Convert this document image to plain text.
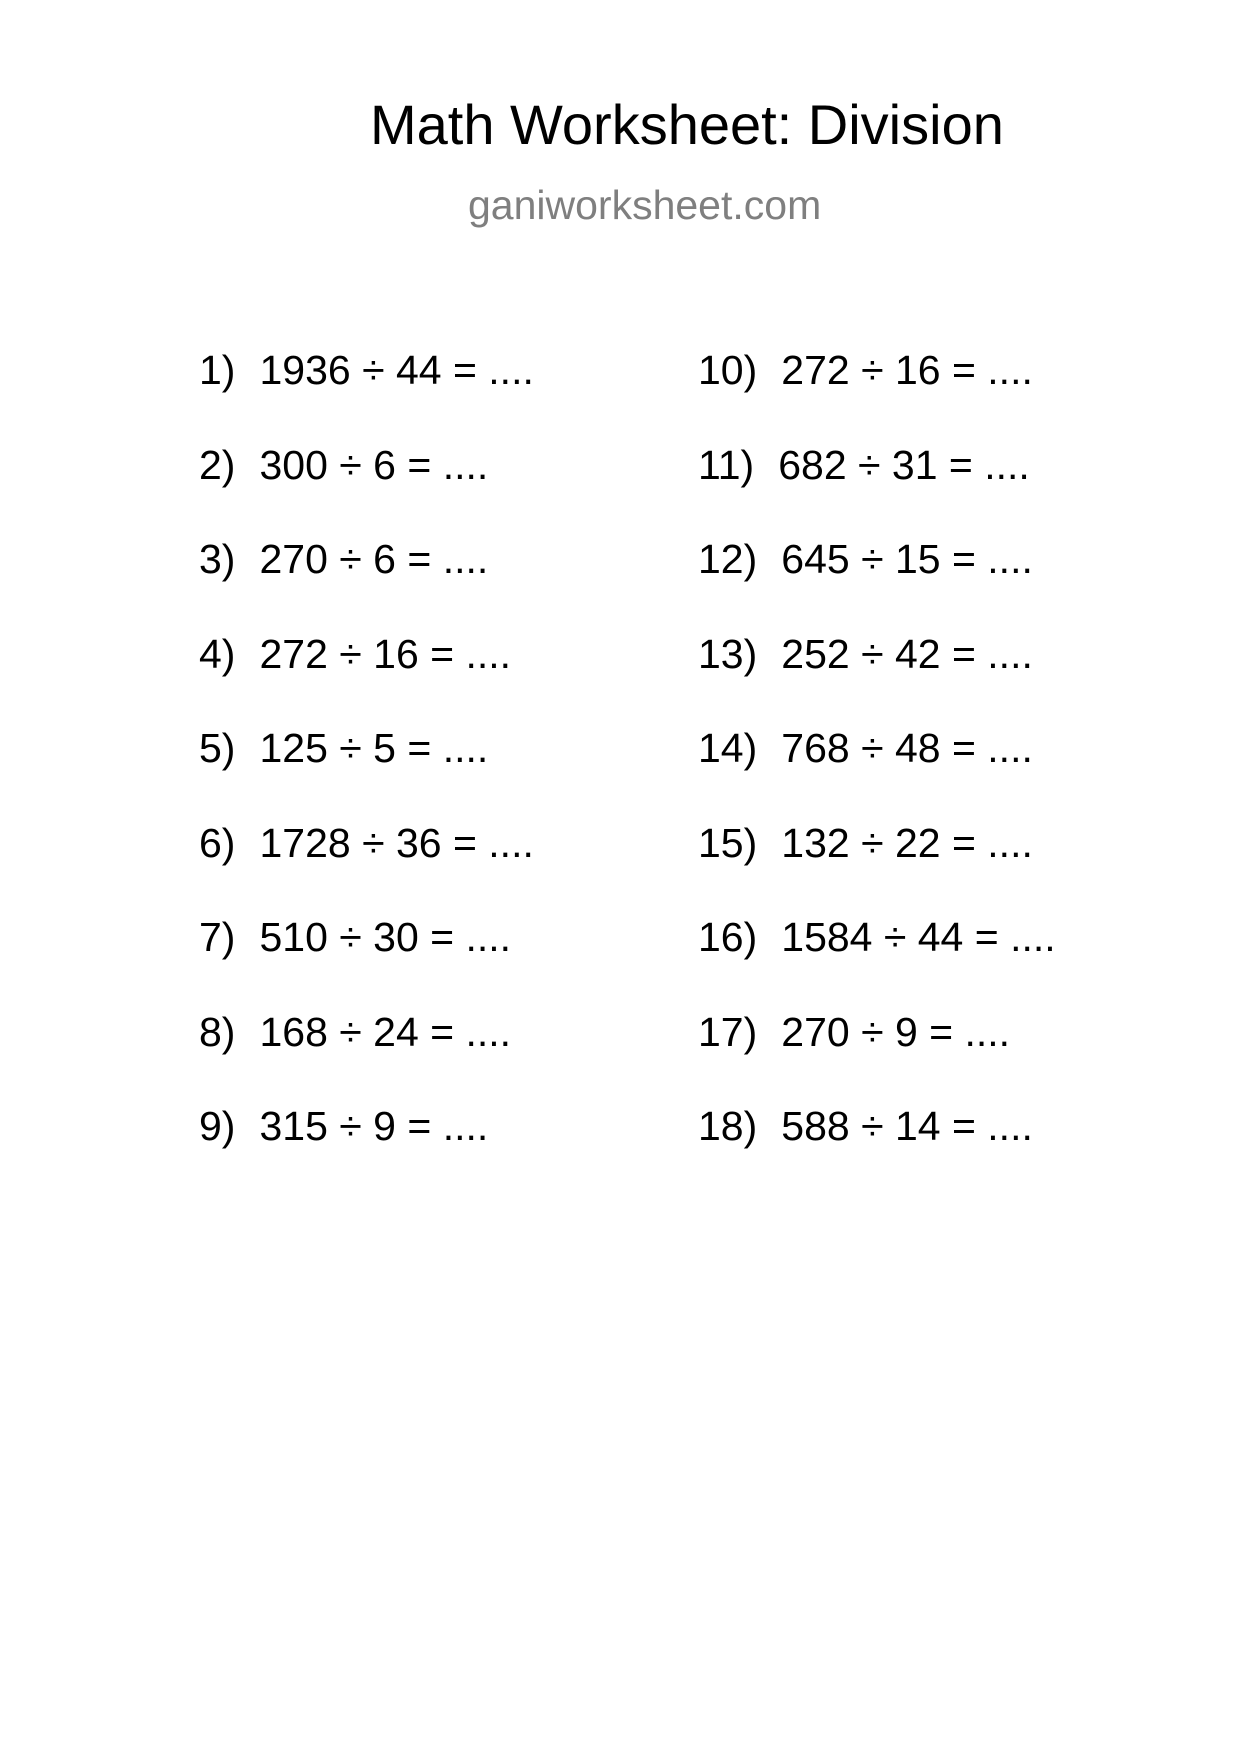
Math Worksheet: Division
ganiworksheet.com
1) 1936 ÷ 44 = ....
2) 300 ÷ 6 = ....
3) 270 ÷ 6 = ....
4) 272 ÷ 16 = ....
5) 125 ÷ 5 = ....
6) 1728 ÷ 36 = ....
7) 510 ÷ 30 = ....
8) 168 ÷ 24 = ....
9) 315 ÷ 9 = ....
10) 272 ÷ 16 = ....
11) 682 ÷ 31 = ....
12) 645 ÷ 15 = ....
13) 252 ÷ 42 = ....
14) 768 ÷ 48 = ....
15) 132 ÷ 22 = ....
16) 1584 ÷ 44 = ....
17) 270 ÷ 9 = ....
18) 588 ÷ 14 = ....
